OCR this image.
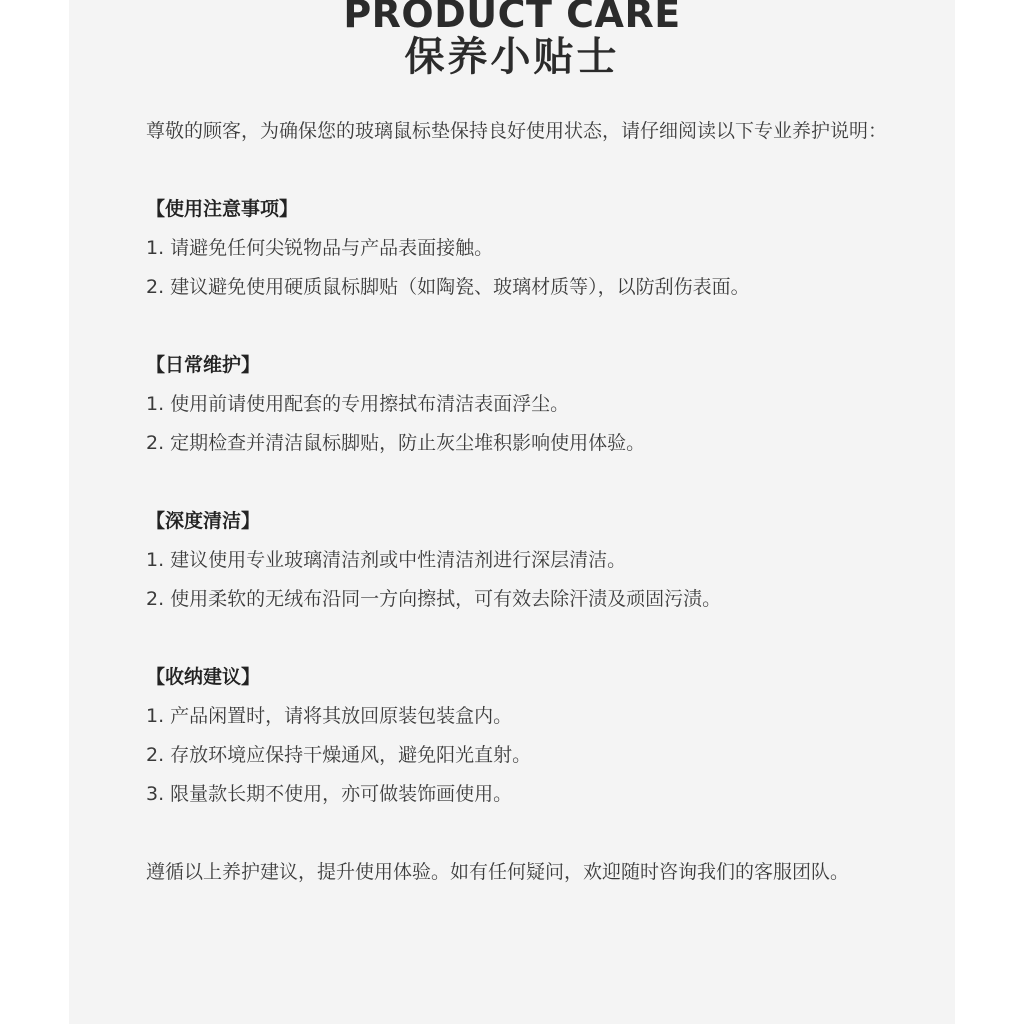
PRODUCT CARE
保养小贴士

尊敬的顾客，为确保您的玻璃鼠标垫保持良好使用状态，请仔细阅读以下专业养护说明：

【使用注意事项】

1. 请避免任何尖锐物品与产品表面接触。

2. 建议避免使用硬质鼠标脚贴（如陶瓷、玻璃材质等），以防刮伤表面。

【日常维护】

1. 使用前请使用配套的专用擦拭布清洁表面浮尘。

2. 定期检查并清洁鼠标脚贴，防止灰尘堆积影响使用体验。

【深度清洁】

1. 建议使用专业玻璃清洁剂或中性清洁剂进行深层清洁。

2. 使用柔软的无绒布沿同一方向擦拭，可有效去除汗渍及顽固污渍。

【收纳建议】

1. 产品闲置时，请将其放回原装包装盒内。

2. 存放环境应保持干燥通风，避免阳光直射。

3. 限量款长期不使用，亦可做装饰画使用。

遵循以上养护建议，提升使用体验。如有任何疑问，欢迎随时咨询我们的客服团队。
